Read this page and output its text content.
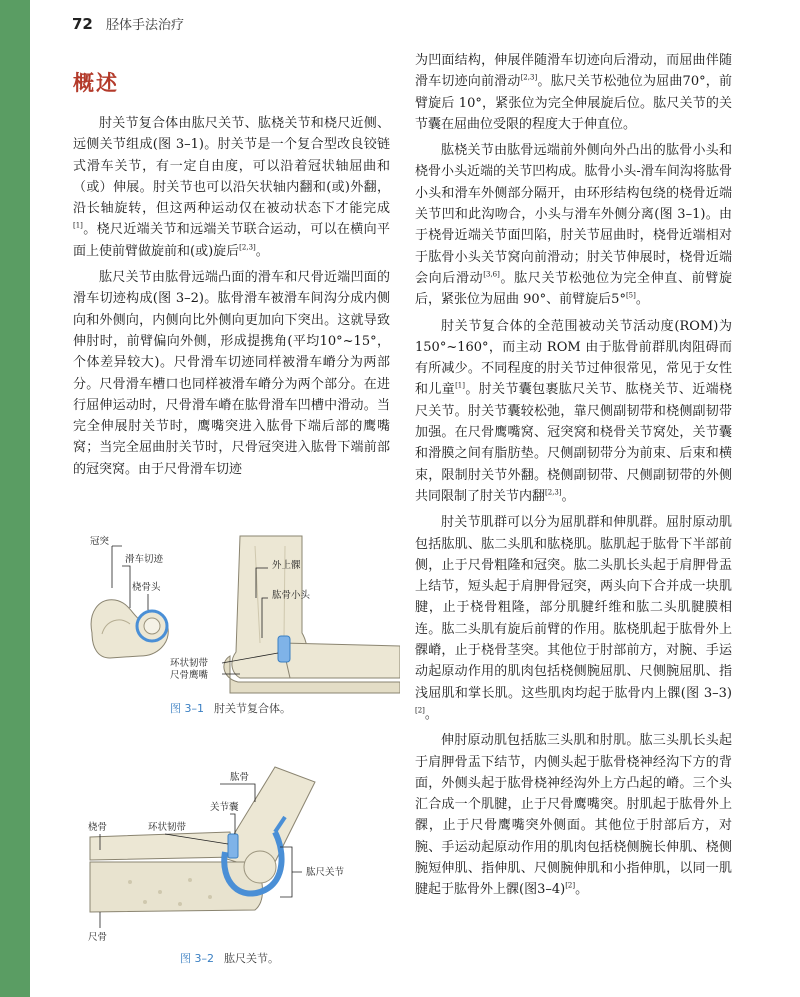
72 胫体手法治疗
概述

肘关节复合体由肱尺关节、肱桡关节和桡尺近侧、远侧关节组成(图 3–1)。肘关节是一个复合型改良铰链式滑车关节，有一定自由度，可以沿着冠状轴屈曲和（或）伸展。肘关节也可以沿矢状轴内翻和(或)外翻，沿长轴旋转，但这两种运动仅在被动状态下才能完成[1]。桡尺近端关节和远端关节联合运动，可以在横向平面上使前臂做旋前和(或)旋后[2,3]。

肱尺关节由肱骨远端凸面的滑车和尺骨近端凹面的滑车切迹构成(图 3–2)。肱骨滑车被滑车间沟分成内侧向和外侧向，内侧向比外侧向更加向下突出。这就导致伸肘时，前臂偏向外侧，形成提携角(平均10°~15°，个体差异较大)。尺骨滑车切迹同样被滑车嵴分为两部分。尺骨滑车槽口也同样被滑车嵴分为两个部分。在进行屈伸运动时，尺骨滑车嵴在肱骨滑车凹槽中滑动。当完全伸展肘关节时，鹰嘴突进入肱骨下端后部的鹰嘴窝；当完全屈曲肘关节时，尺骨冠突进入肱骨下端前部的冠突窝。由于尺骨滑车切迹

为凹面结构，伸展伴随滑车切迹向后滑动，而屈曲伴随滑车切迹向前滑动[2,3]。肱尺关节松弛位为屈曲70°，前臂旋后 10°，紧张位为完全伸展旋后位。肱尺关节的关节囊在屈曲位受限的程度大于伸直位。

肱桡关节由肱骨远端前外侧向外凸出的肱骨小头和桡骨小头近端的关节凹构成。肱骨小头-滑车间沟将肱骨小头和滑车外侧部分隔开，由环形结构包绕的桡骨近端关节凹和此沟吻合，小头与滑车外侧分离(图 3–1)。由于桡骨近端关节面凹陷，肘关节屈曲时，桡骨近端相对于肱骨小头关节窝向前滑动；肘关节伸展时，桡骨近端会向后滑动[3,6]。肱尺关节松弛位为完全伸直、前臂旋后，紧张位为屈曲 90°、前臂旋后5°[5]。

肘关节复合体的全范围被动关节活动度(ROM)为 150°~160°，而主动 ROM 由于肱骨前群肌肉阻碍而有所减少。不同程度的肘关节过伸很常见，常见于女性和儿童[1]。肘关节囊包裹肱尺关节、肱桡关节、近端桡尺关节。肘关节囊较松弛，靠尺侧副韧带和桡侧副韧带加强。在尺骨鹰嘴窝、冠突窝和桡骨关节窝处，关节囊和滑膜之间有脂肪垫。尺侧副韧带分为前束、后束和横束，限制肘关节外翻。桡侧副韧带、尺侧副韧带的外侧共同限制了肘关节内翻[2,3]。

肘关节肌群可以分为屈肌群和伸肌群。屈肘原动肌包括肱肌、肱二头肌和肱桡肌。肱肌起于肱骨下半部前侧，止于尺骨粗隆和冠突。肱二头肌长头起于肩胛骨盂上结节，短头起于肩胛骨冠突，两头向下合并成一块肌腱，止于桡骨粗隆，部分肌腱纤维和肱二头肌腱膜相连。肱二头肌有旋后前臂的作用。肱桡肌起于肱骨外上髁嵴，止于桡骨茎突。其他位于肘部前方，对腕、手运动起原动作用的肌肉包括桡侧腕屈肌、尺侧腕屈肌、指浅屈肌和掌长肌。这些肌肉均起于肱骨内上髁(图 3–3)[2]。

伸肘原动肌包括肱三头肌和肘肌。肱三头肌长头起于肩胛骨盂下结节，内侧头起于肱骨桡神经沟下方的背面，外侧头起于肱骨桡神经沟外上方凸起的嵴。三个头汇合成一个肌腱，止于尺骨鹰嘴突。肘肌起于肱骨外上髁，止于尺骨鹰嘴突外侧面。其他位于肘部后方，对腕、手运动起原动作用的肌肉包括桡侧腕长伸肌、桡侧腕短伸肌、指伸肌、尺侧腕伸肌和小指伸肌，以同一肌腱起于肱骨外上髁(图3–4)[2]。

冠突
滑车切迹
桡骨头
外上髁
肱骨小头
环状韧带
尺骨鹰嘴
图 3–1 肘关节复合体。
肱骨
关节囊
桡骨	环状韧带
肱尺关节
尺骨
图 3–2 肱尺关节。
